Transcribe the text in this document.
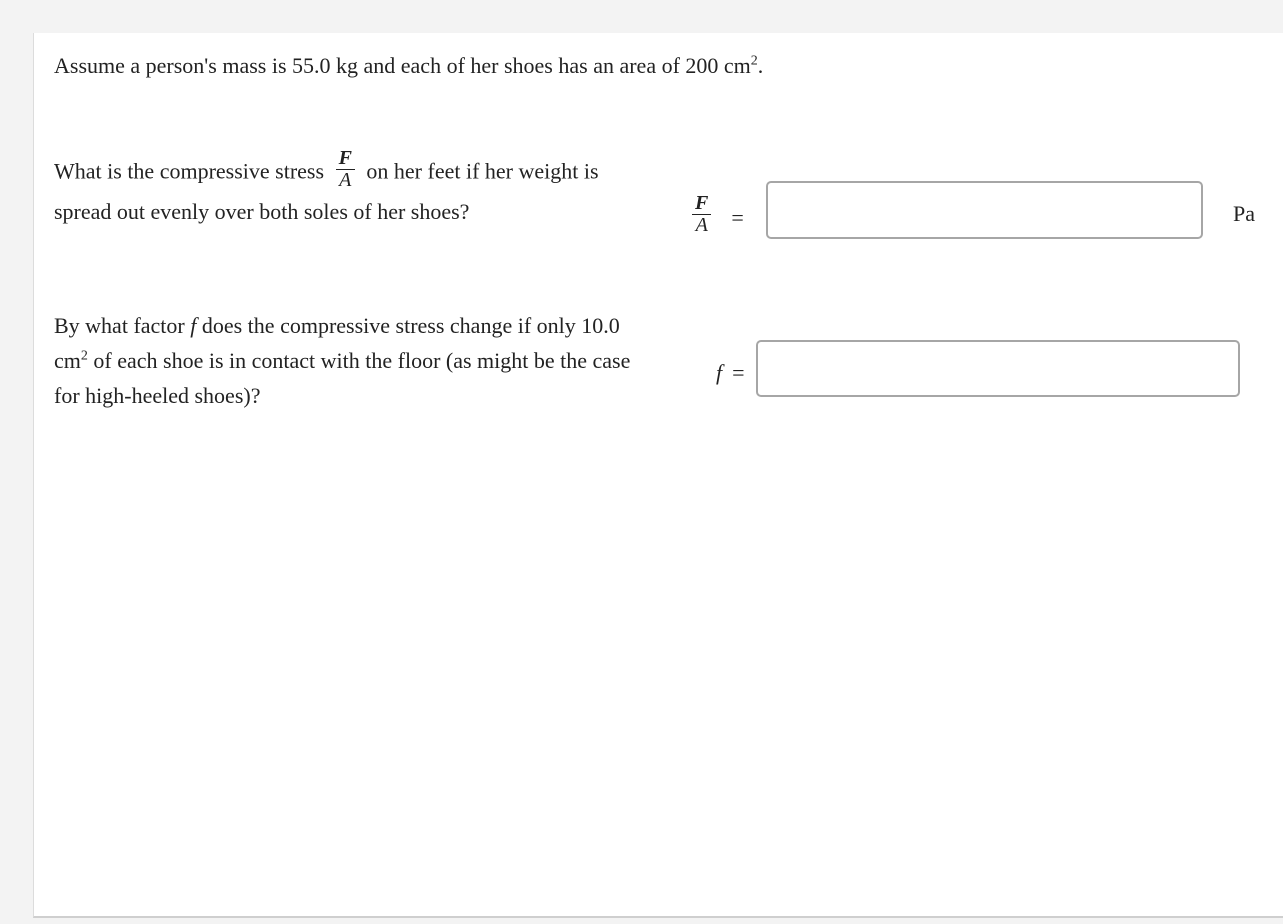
Assume a person's mass is 55.0 kg and each of her shoes has an area of 200 $cm^2$.
What is the compressive stress $\frac{F}{A}$ on her feet if her weight is spread out evenly over both soles of her shoes?	$\frac{F}{A}$ =	Pa
By what factor f does the compressive stress change if only 10.0 $cm^2$ of each shoe is in contact with the floor (as might be the case for high-heeled shoes)?
f =
